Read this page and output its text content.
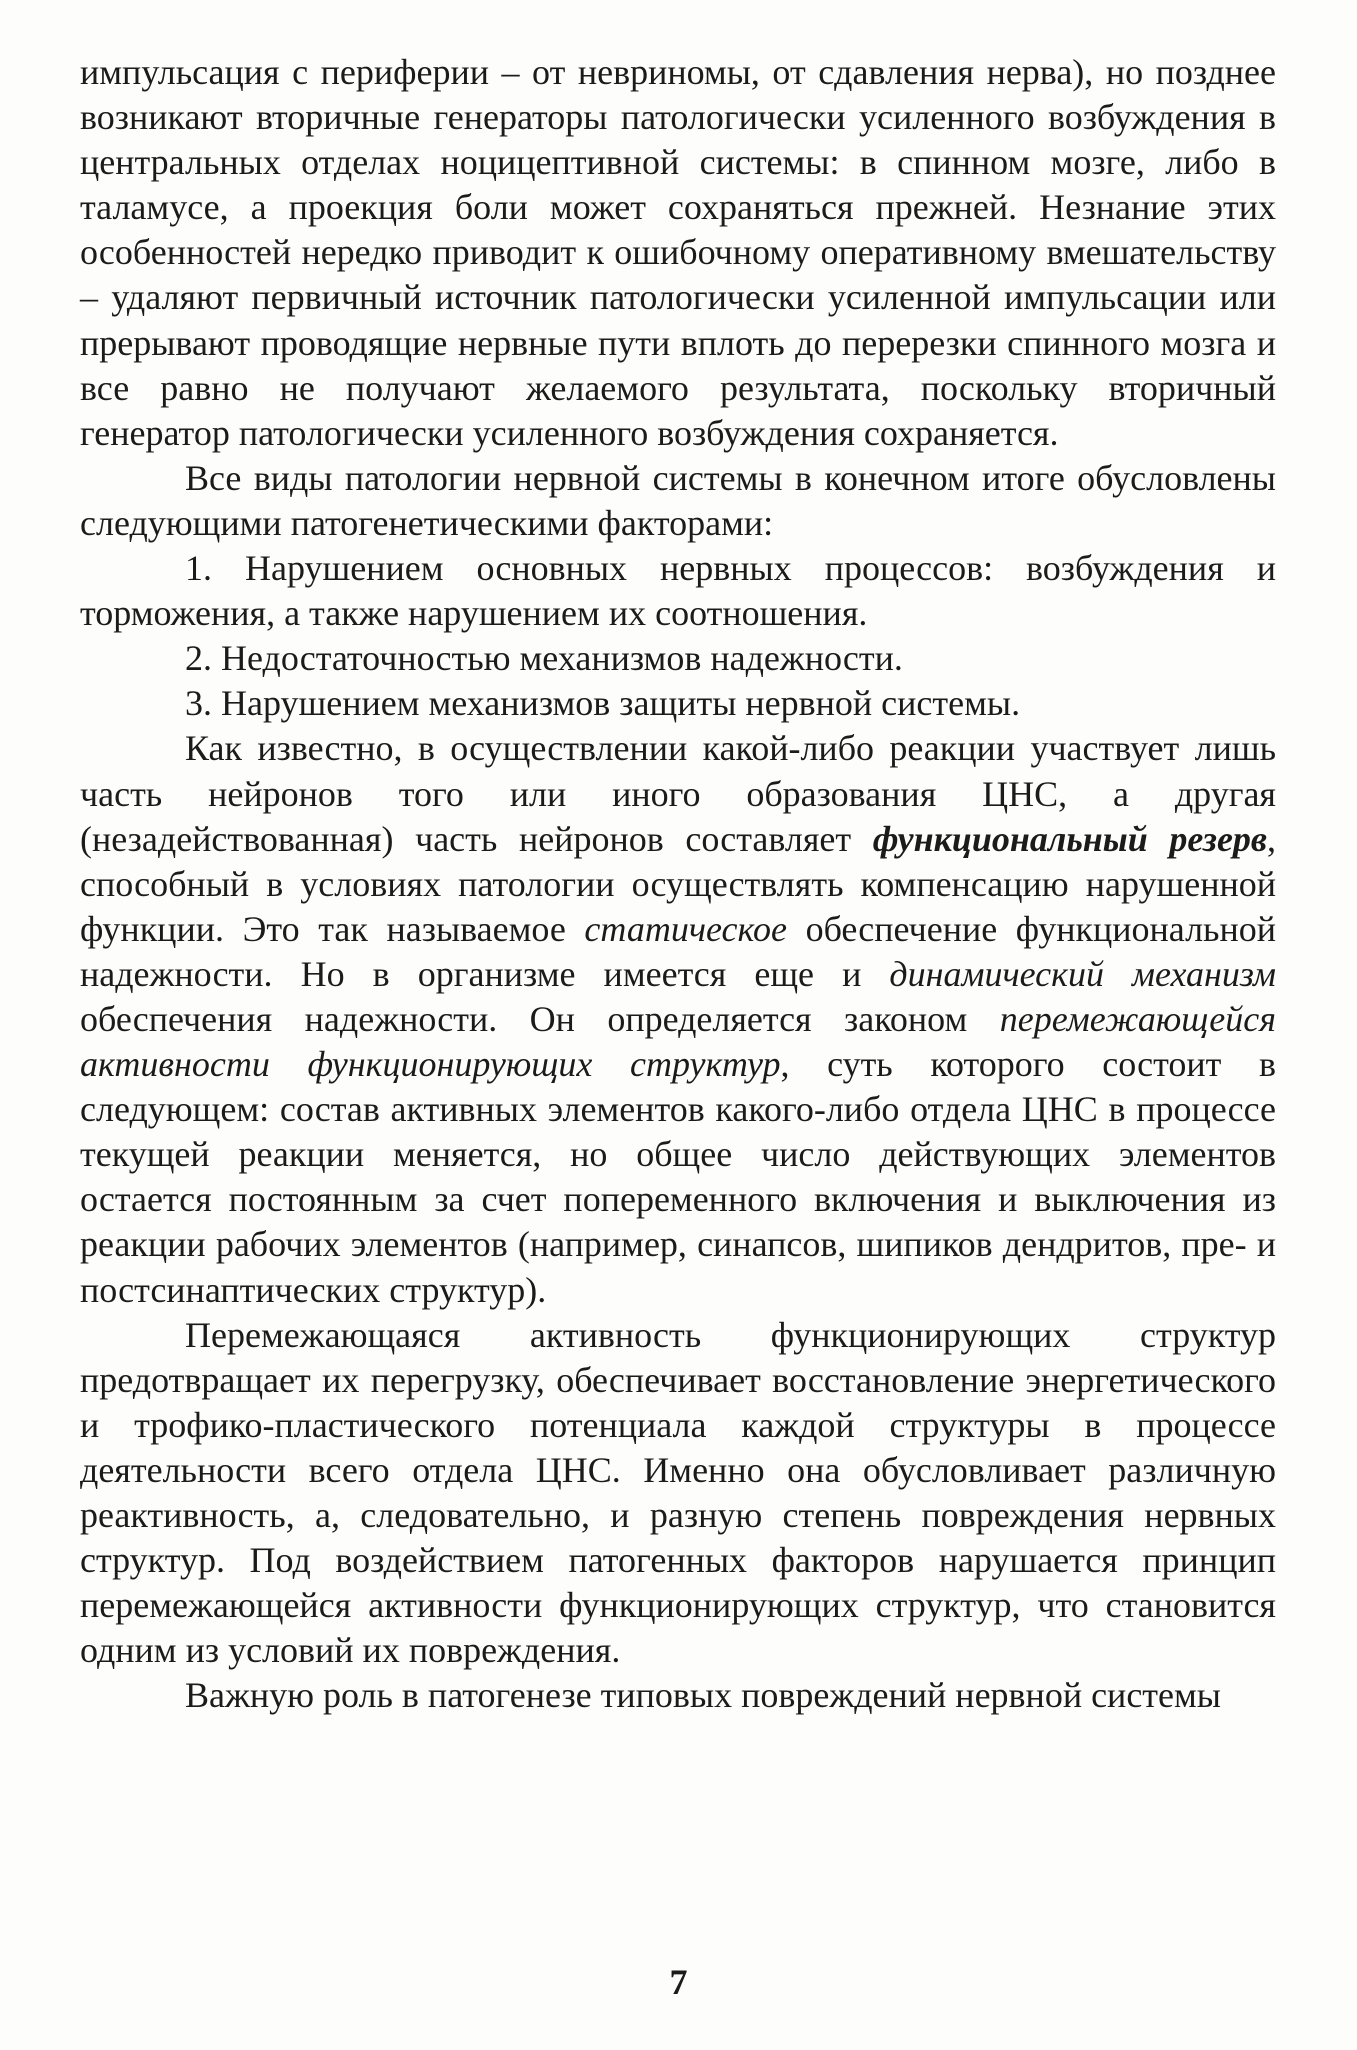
импульсация с периферии – от невриномы, от сдавления нерва), но позднее возникают вторичные генераторы патологически усиленного возбуждения в центральных отделах ноцицептивной системы: в спинном мозге, либо в таламусе, а проекция боли может сохраняться прежней. Незнание этих особенностей нередко приводит к ошибочному оперативному вмешательству – удаляют первичный источник патологически усиленной импульсации или прерывают проводящие нервные пути вплоть до перерезки спинного мозга и все равно не получают желаемого результата, поскольку вторичный генератор патологически усиленного возбуждения сохраняется.

Все виды патологии нервной системы в конечном итоге обусловлены следующими патогенетическими факторами:

1. Нарушением основных нервных процессов: возбуждения и торможения, а также нарушением их соотношения.

2. Недостаточностью механизмов надежности.

3. Нарушением механизмов защиты нервной системы.

Как известно, в осуществлении какой-либо реакции участвует лишь часть нейронов того или иного образования ЦНС, а другая (незадействованная) часть нейронов составляет функциональный резерв, способный в условиях патологии осуществлять компенсацию нарушенной функции. Это так называемое статическое обеспечение функциональной надежности. Но в организме имеется еще и динамический механизм обеспечения надежности. Он определяется законом перемежающейся активности функционирующих структур, суть которого состоит в следующем: состав активных элементов какого-либо отдела ЦНС в процессе текущей реакции меняется, но общее число действующих элементов остается постоянным за счет попеременного включения и выключения из реакции рабочих элементов (например, синапсов, шипиков дендритов, пре- и постсинаптических структур).

Перемежающаяся активность функционирующих структур предотвращает их перегрузку, обеспечивает восстановление энергетического и трофико-пластического потенциала каждой структуры в процессе деятельности всего отдела ЦНС. Именно она обусловливает различную реактивность, а, следовательно, и разную степень повреждения нервных структур. Под воздействием патогенных факторов нарушается принцип перемежающейся активности функционирующих структур, что становится одним из условий их повреждения.

Важную роль в патогенезе типовых повреждений нервной системы

7
